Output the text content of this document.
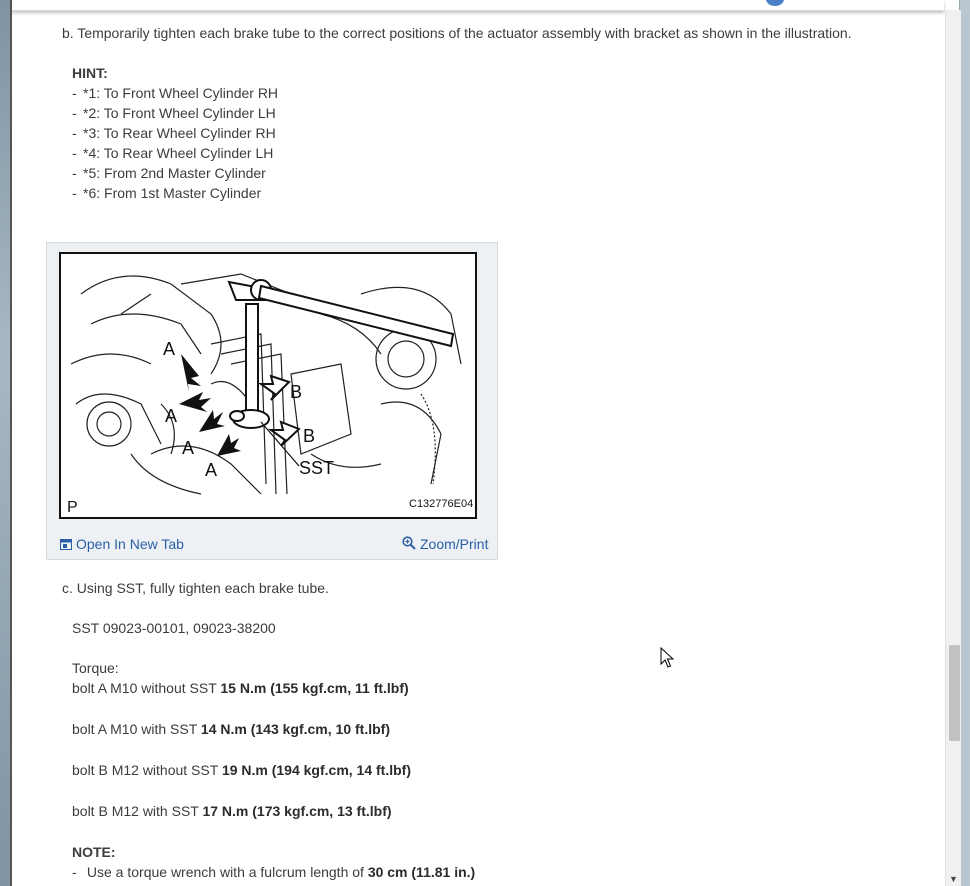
b. Temporarily tighten each brake tube to the correct positions of the actuator assembly with bracket as shown in the illustration.

HINT:
- *1: To Front Wheel Cylinder RH
- *2: To Front Wheel Cylinder LH
- *3: To Rear Wheel Cylinder RH
- *4: To Rear Wheel Cylinder LH
- *5: From 2nd Master Cylinder
- *6: From 1st Master Cylinder
A
A
A
A
B
B
SST
P	C132776E04
Open In New Tab	Zoom/Print

c. Using SST, fully tighten each brake tube.

SST 09023-00101, 09023-38200
Torque:
bolt A M10 without SST 15 N.m (155 kgf.cm, 11 ft.lbf)
bolt A M10 with SST 14 N.m (143 kgf.cm, 10 ft.lbf)
bolt B M12 without SST 19 N.m (194 kgf.cm, 14 ft.lbf)
bolt B M12 with SST 17 N.m (173 kgf.cm, 13 ft.lbf)
NOTE:
- Use a torque wrench with a fulcrum length of 30 cm (11.81 in.)	▼
